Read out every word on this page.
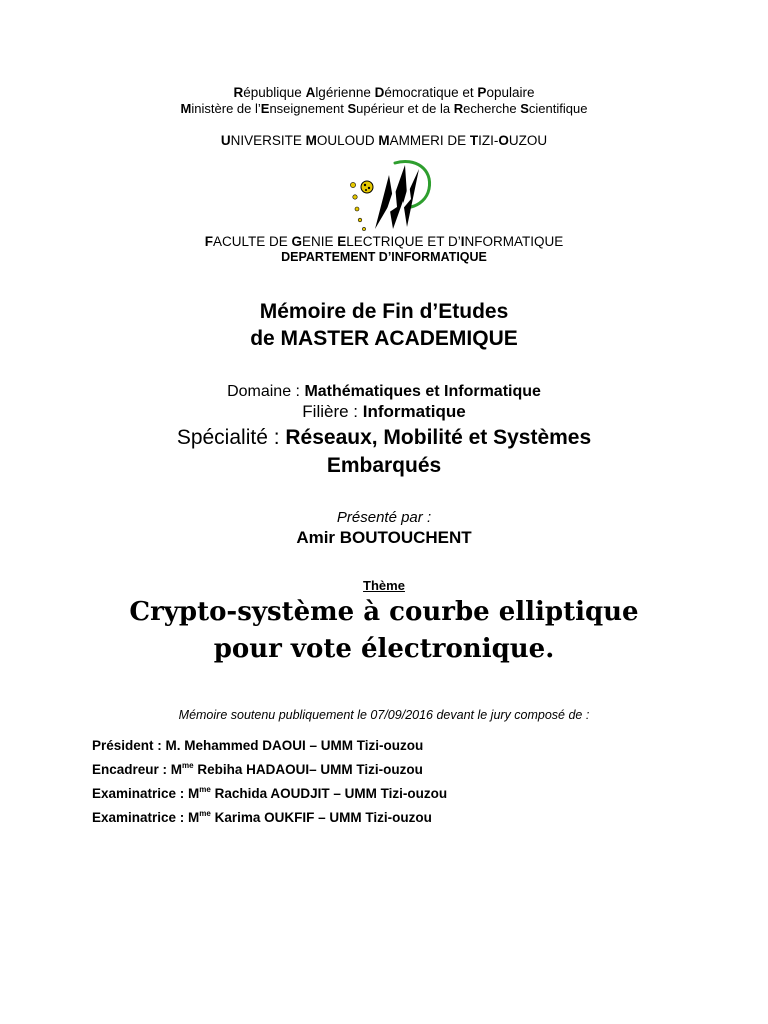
République Algérienne Démocratique et Populaire
Ministère de l’Enseignement Supérieur et de la Recherche Scientifique
UNIVERSITE MOULOUD MAMMERI DE TIZI-OUZOU
FACULTE DE GENIE ELECTRIQUE ET D’INFORMATIQUE
DEPARTEMENT D’INFORMATIQUE
Mémoire de Fin d’Etudes
de MASTER ACADEMIQUE
Domaine : Mathématiques et Informatique
Filière : Informatique
Spécialité : Réseaux, Mobilité et Systèmes
Embarqués
Présenté par :
Amir BOUTOUCHENT
Thème
Crypto-système à courbe elliptique
pour vote électronique.
Mémoire soutenu publiquement le 07/09/2016 devant le jury composé de :
Président : M. Mehammed DAOUI – UMM Tizi-ouzou
Encadreur : $M^{me}$ Rebiha HADAOUI– UMM Tizi-ouzou
Examinatrice : $M^{me}$ Rachida AOUDJIT – UMM Tizi-ouzou
Examinatrice : $M^{me}$ Karima OUKFIF – UMM Tizi-ouzou
